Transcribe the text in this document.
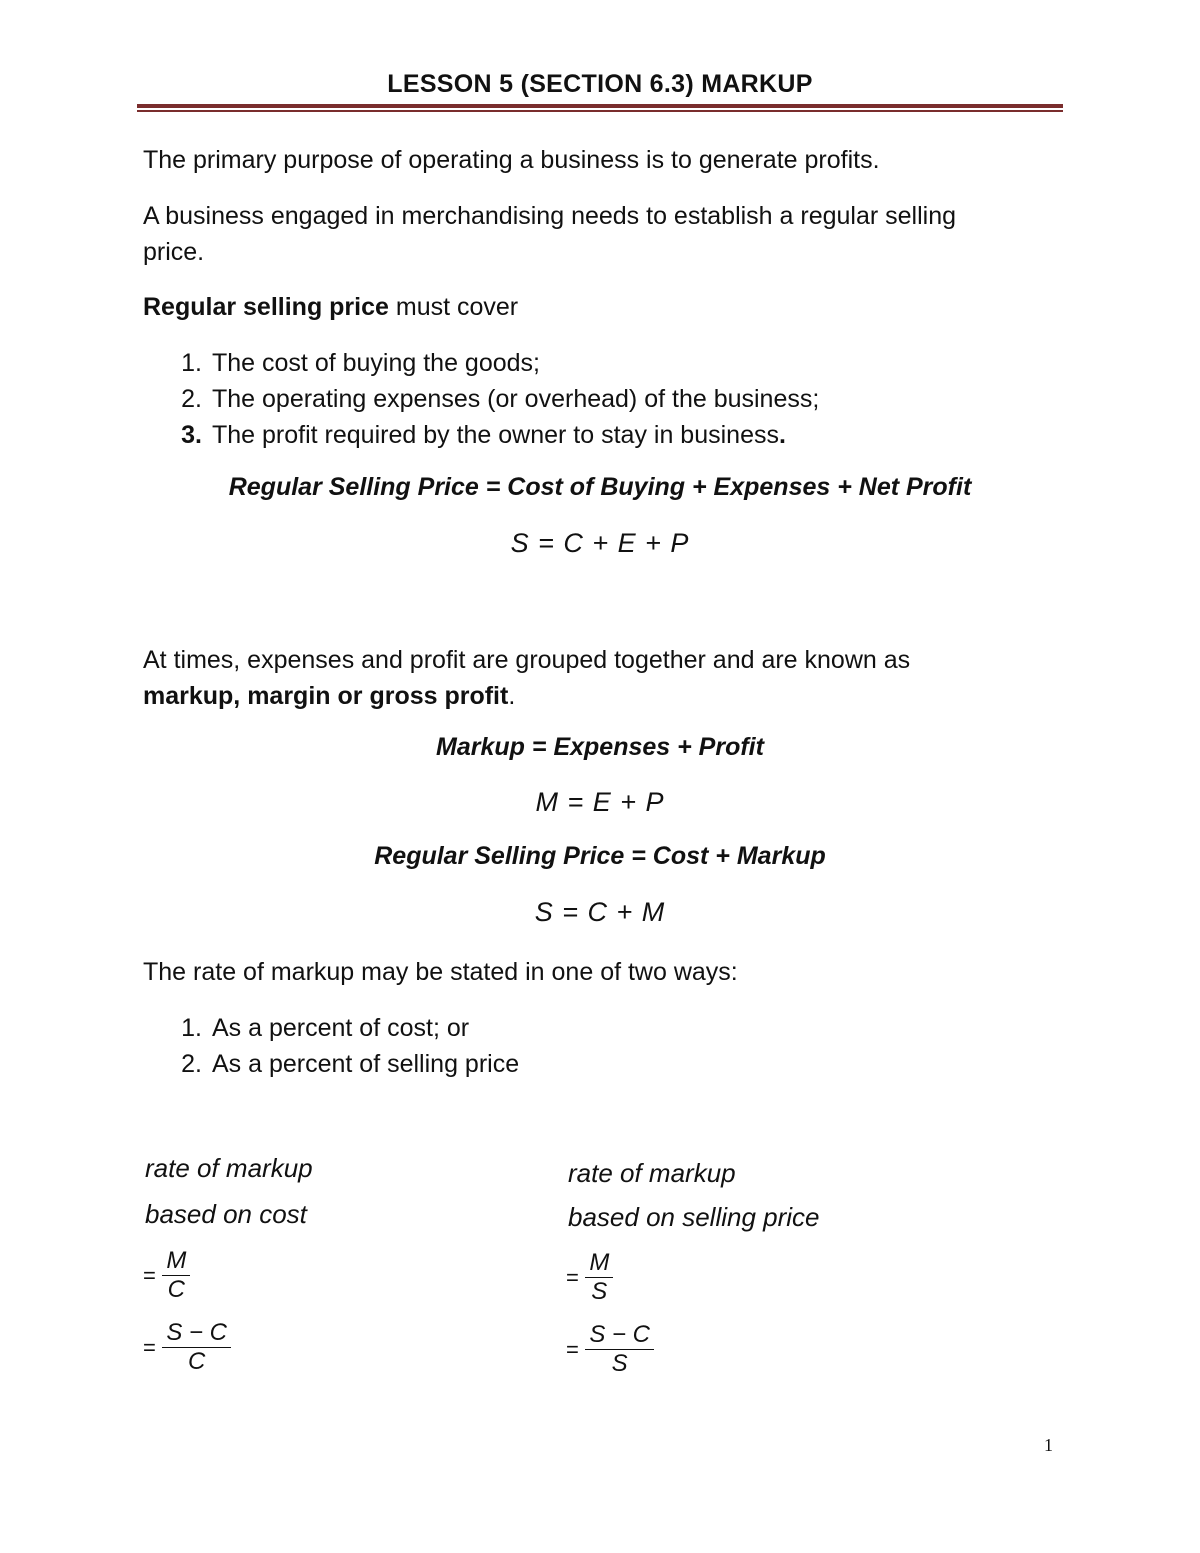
LESSON 5 (SECTION 6.3) MARKUP
The primary purpose of operating a business is to generate profits.
A business engaged in merchandising needs to establish a regular selling
price.
Regular selling price must cover
1. The cost of buying the goods;
2. The operating expenses (or overhead) of the business;
3. The profit required by the owner to stay in business.
Regular Selling Price = Cost of Buying + Expenses + Net Profit
S = C + E + P
At times, expenses and profit are grouped together and are known as
markup, margin or gross profit.
Markup = Expenses + Profit
M = E + P
Regular Selling Price = Cost + Markup
S = C + M
The rate of markup may be stated in one of two ways:
1. As a percent of cost; or
2. As a percent of selling price
rate of markup
based on cost
= $\frac{M}{C}$
= $\frac{S - C}{C}$
rate of markup
based on selling price
= $\frac{M}{S}$
= $\frac{S - C}{S}$
1
